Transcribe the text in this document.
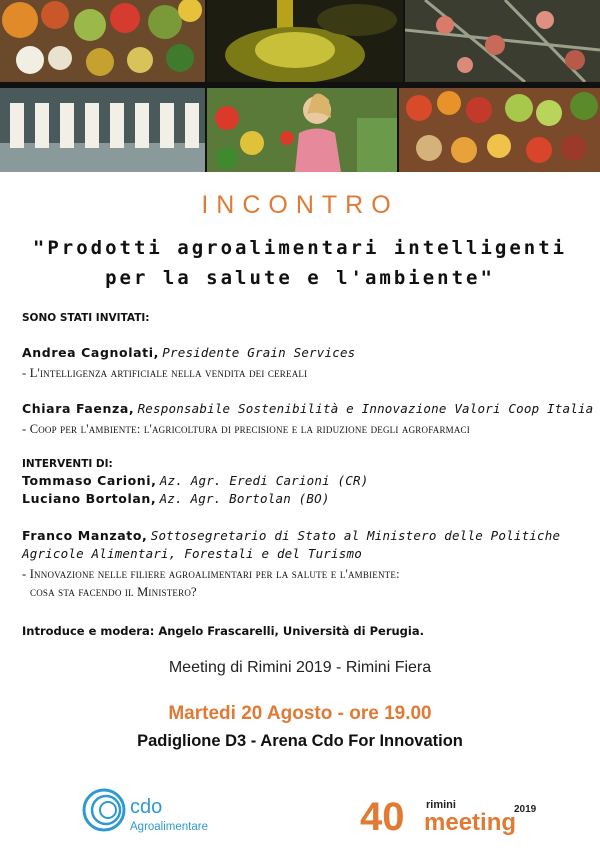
INCONTRO
"Prodotti agroalimentari intelligenti
per la salute e l'ambiente"
SONO STATI INVITATI:
Andrea Cagnolati, Presidente Grain Services
- L'intelligenza artificiale nella vendita dei cereali
Chiara Faenza, Responsabile Sostenibilità e Innovazione Valori Coop Italia
- Coop per l'ambiente: l'agricoltura di precisione e la riduzione degli agrofarmaci
INTERVENTI DI:
Tommaso Carioni, Az. Agr. Eredi Carioni (CR)
Luciano Bortolan, Az. Agr. Bortolan (BO)
Franco Manzato, Sottosegretario di Stato al Ministero delle Politiche
Agricole Alimentari, Forestali e del Turismo
- Innovazione nelle filiere agroalimentari per la salute e l'ambiente:
cosa sta facendo il Ministero?
Introduce e modera: Angelo Frascarelli, Università di Perugia.
Meeting di Rimini 2019 - Rimini Fiera
Martedi 20 Agosto - ore 19.00
Padiglione D3 - Arena Cdo For Innovation
cdo
Agroalimentare	40 rimini	2019
meeting
